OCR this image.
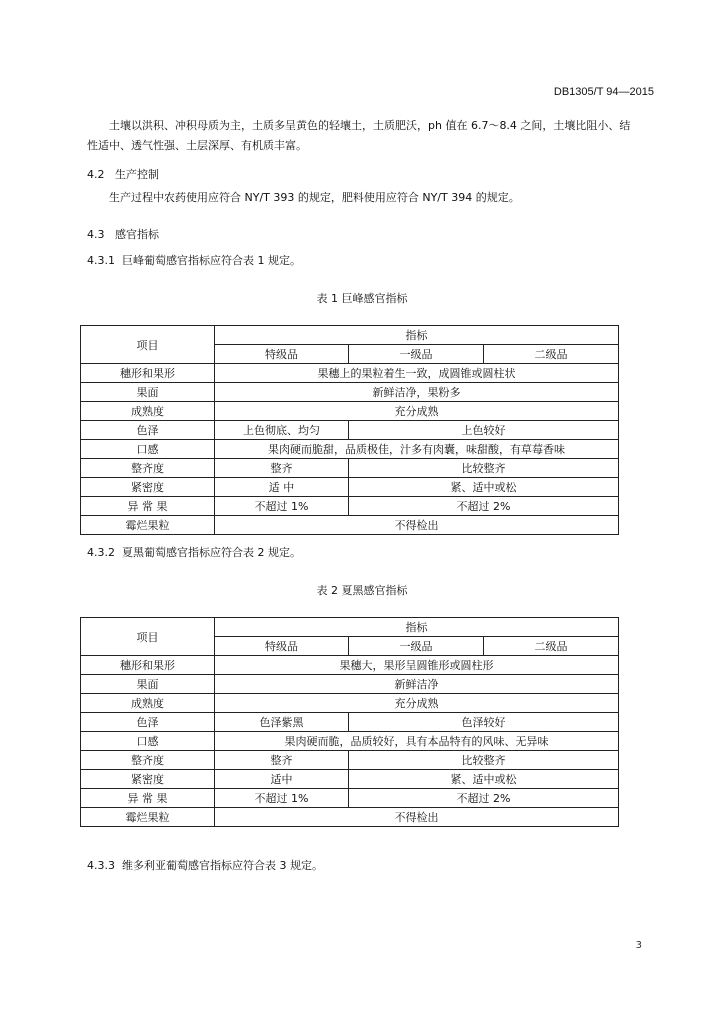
DB1305/T 94—2015
土壤以洪积、冲积母质为主，土质多呈黄色的轻壤土，土质肥沃，ph 值在 6.7～8.4 之间，土壤比阻小、结性适中、透气性强、土层深厚、有机质丰富。
4.2 生产控制
生产过程中农药使用应符合 NY/T 393 的规定，肥料使用应符合 NY/T 394 的规定。
4.3 感官指标
4.3.1  巨峰葡萄感官指标应符合表 1 规定。
表 1 巨峰感官指标
项目	指标		
	特级品	一级品	二级品
穗形和果形	果穗上的果粒着生一致，成圆锥或圆柱状		
果面	新鲜洁净，果粉多		
成熟度	充分成熟		
色泽	上色彻底、均匀	上色较好	
口感	果肉硬而脆甜，品质极佳，汁多有肉囊，味甜酸，有草莓香味		
整齐度	整齐	比较整齐	
紧密度	适 中	紧、适中或松	
异 常 果	不超过 1%	不超过 2%	
霉烂果粒	不得检出		
4.3.2  夏黑葡萄感官指标应符合表 2 规定。
表 2 夏黑感官指标
项目	指标		
	特级品	一级品	二级品
穗形和果形	果穗大，果形呈圆锥形或圆柱形		
果面	新鲜洁净		
成熟度	充分成熟		
色泽	色泽紫黑	色泽较好	
口感	果肉硬而脆，品质较好，具有本品特有的风味、无异味		
整齐度	整齐	比较整齐	
紧密度	适中	紧、适中或松	
异 常 果	不超过 1%	不超过 2%	
霉烂果粒	不得检出		
4.3.3  维多利亚葡萄感官指标应符合表 3 规定。
3
